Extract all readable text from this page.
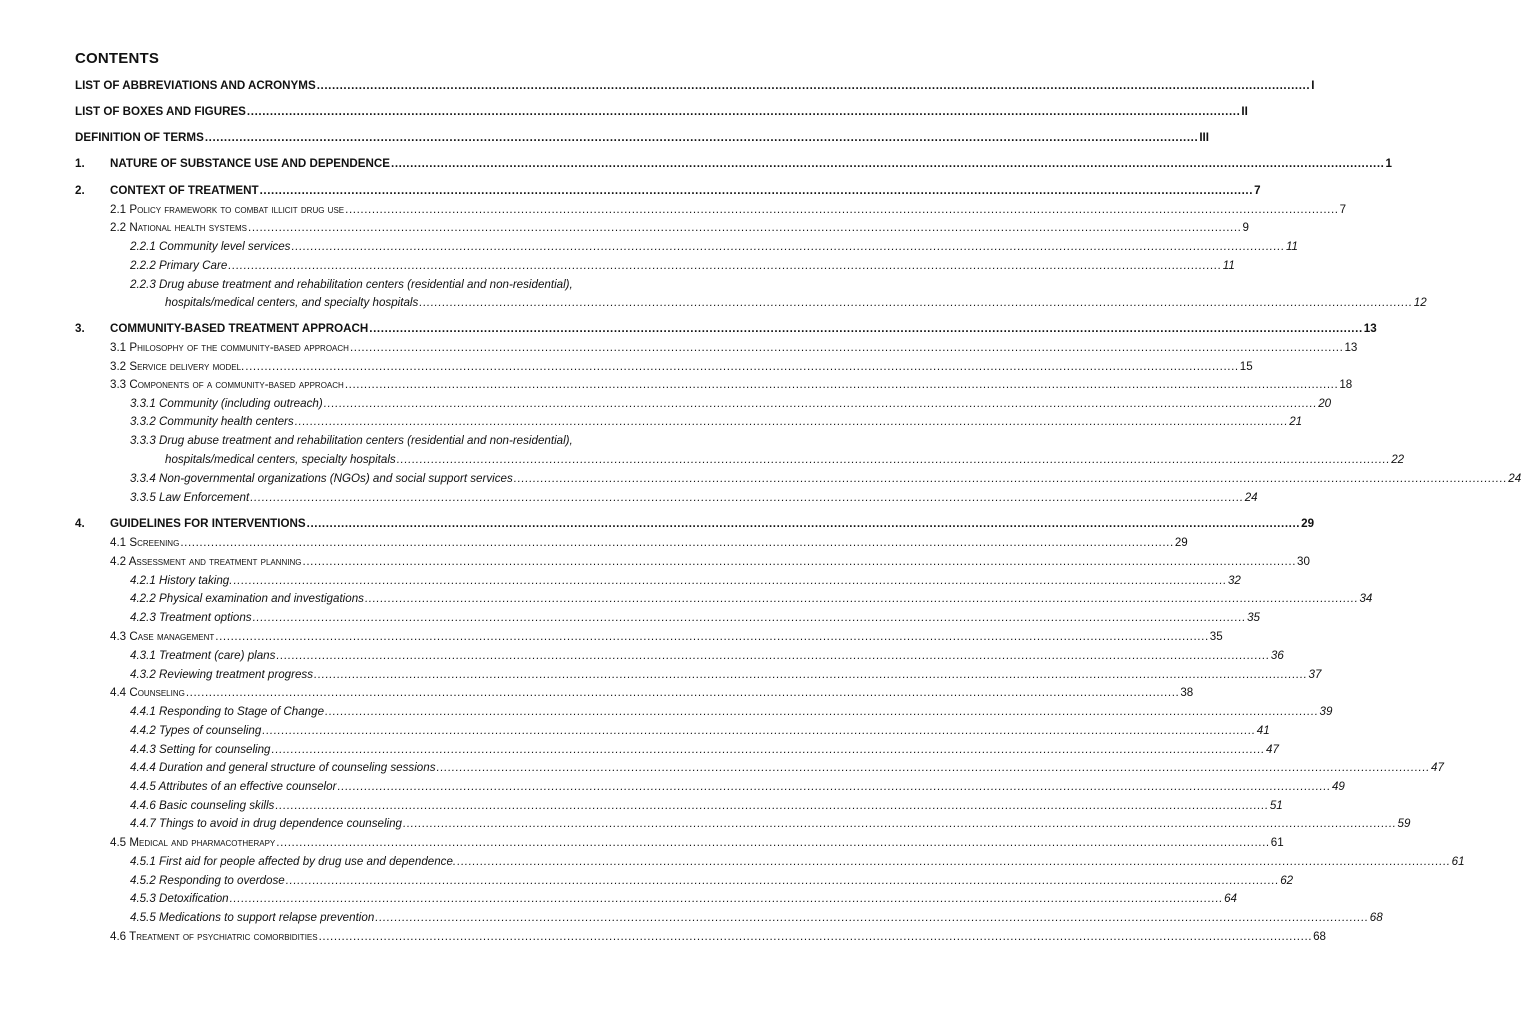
CONTENTS
LIST OF ABBREVIATIONS AND ACRONYMS .................................................................................................................................................................................................................................................................... I
LIST OF BOXES AND FIGURES .................................................................................................................................................................................................................................................................... II
DEFINITION OF TERMS .................................................................................................................................................................................................................................................................... III
1.	NATURE OF SUBSTANCE USE AND DEPENDENCE .................................................................................................................................................................................................................................................................... 1
2.	CONTEXT OF TREATMENT .................................................................................................................................................................................................................................................................... 7
2.1 Policy framework to combat illicit drug use .................................................................................................................................................................................................................................................................... 7
2.2 National health systems .................................................................................................................................................................................................................................................................... 9
2.2.1 Community level services .................................................................................................................................................................................................................................................................... 11
2.2.2 Primary Care .................................................................................................................................................................................................................................................................... 11
2.2.3 Drug abuse treatment and rehabilitation centers (residential and non-residential),
hospitals/medical centers, and specialty hospitals .................................................................................................................................................................................................................................................................... 12
3.	COMMUNITY-BASED TREATMENT APPROACH .................................................................................................................................................................................................................................................................... 13
3.1 Philosophy of the community-based approach .................................................................................................................................................................................................................................................................... 13
3.2 Service delivery model. .................................................................................................................................................................................................................................................................... 15
3.3 Components of a community-based approach .................................................................................................................................................................................................................................................................... 18
3.3.1 Community (including outreach) .................................................................................................................................................................................................................................................................... 20
3.3.2 Community health centers .................................................................................................................................................................................................................................................................... 21
3.3.3 Drug abuse treatment and rehabilitation centers (residential and non-residential),
hospitals/medical centers, specialty hospitals .................................................................................................................................................................................................................................................................... 22
3.3.4 Non-governmental organizations (NGOs) and social support services .................................................................................................................................................................................................................................................................... 24
3.3.5 Law Enforcement .................................................................................................................................................................................................................................................................... 24
4.	GUIDELINES FOR INTERVENTIONS .................................................................................................................................................................................................................................................................... 29
4.1 Screening .................................................................................................................................................................................................................................................................... 29
4.2 Assessment and treatment planning .................................................................................................................................................................................................................................................................... 30
4.2.1 History taking. .................................................................................................................................................................................................................................................................... 32
4.2.2 Physical examination and investigations .................................................................................................................................................................................................................................................................... 34
4.2.3 Treatment options .................................................................................................................................................................................................................................................................... 35
4.3 Case management .................................................................................................................................................................................................................................................................... 35
4.3.1 Treatment (care) plans .................................................................................................................................................................................................................................................................... 36
4.3.2 Reviewing treatment progress .................................................................................................................................................................................................................................................................... 37
4.4 Counseling .................................................................................................................................................................................................................................................................... 38
4.4.1 Responding to Stage of Change .................................................................................................................................................................................................................................................................... 39
4.4.2 Types of counseling .................................................................................................................................................................................................................................................................... 41
4.4.3 Setting for counseling .................................................................................................................................................................................................................................................................... 47
4.4.4 Duration and general structure of counseling sessions .................................................................................................................................................................................................................................................................... 47
4.4.5 Attributes of an effective counselor .................................................................................................................................................................................................................................................................... 49
4.4.6 Basic counseling skills .................................................................................................................................................................................................................................................................... 51
4.4.7 Things to avoid in drug dependence counseling .................................................................................................................................................................................................................................................................... 59
4.5 Medical and pharmacotherapy .................................................................................................................................................................................................................................................................... 61
4.5.1 First aid for people affected by drug use and dependence. .................................................................................................................................................................................................................................................................... 61
4.5.2 Responding to overdose .................................................................................................................................................................................................................................................................... 62
4.5.3 Detoxification .................................................................................................................................................................................................................................................................... 64
4.5.5 Medications to support relapse prevention .................................................................................................................................................................................................................................................................... 68
4.6 Treatment of psychiatric comorbidities .................................................................................................................................................................................................................................................................... 68
